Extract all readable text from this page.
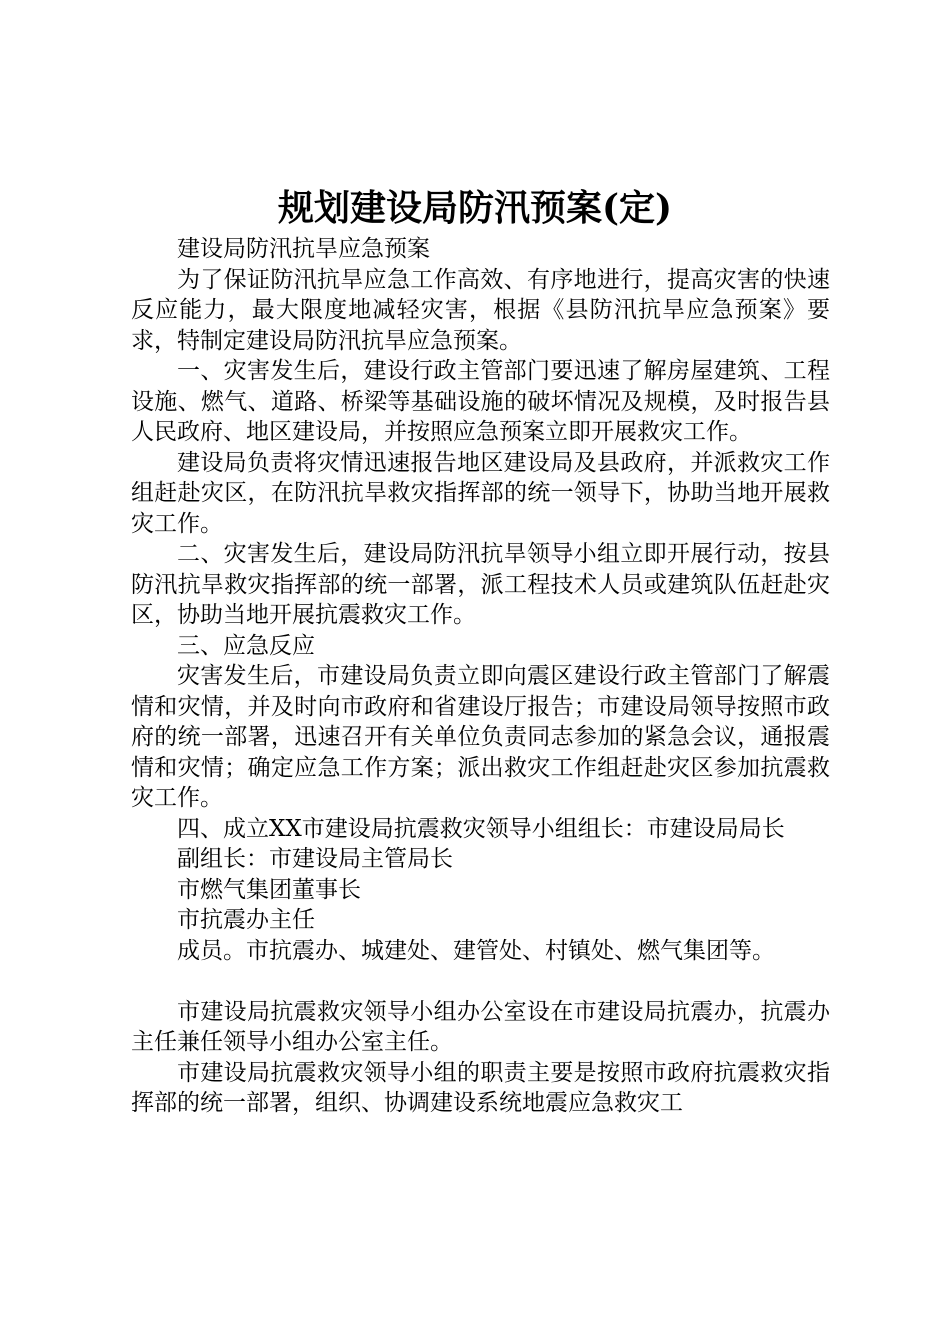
规划建设局防汛预案(定)

建设局防汛抗旱应急预案

为了保证防汛抗旱应急工作高效、有序地进行，提高灾害的快速反应能力，最大限度地减轻灾害，根据《县防汛抗旱应急预案》要求，特制定建设局防汛抗旱应急预案。

一、灾害发生后，建设行政主管部门要迅速了解房屋建筑、工程设施、燃气、道路、桥梁等基础设施的破坏情况及规模，及时报告县人民政府、地区建设局，并按照应急预案立即开展救灾工作。

建设局负责将灾情迅速报告地区建设局及县政府，并派救灾工作组赶赴灾区，在防汛抗旱救灾指挥部的统一领导下，协助当地开展救灾工作。

二、灾害发生后，建设局防汛抗旱领导小组立即开展行动，按县防汛抗旱救灾指挥部的统一部署，派工程技术人员或建筑队伍赶赴灾区，协助当地开展抗震救灾工作。

三、应急反应

灾害发生后，市建设局负责立即向震区建设行政主管部门了解震情和灾情，并及时向市政府和省建设厅报告；市建设局领导按照市政府的统一部署，迅速召开有关单位负责同志参加的紧急会议，通报震情和灾情；确定应急工作方案；派出救灾工作组赶赴灾区参加抗震救灾工作。

四、成立XX市建设局抗震救灾领导小组组长：市建设局局长

副组长：市建设局主管局长

市燃气集团董事长

市抗震办主任

成员。市抗震办、城建处、建管处、村镇处、燃气集团等。

市建设局抗震救灾领导小组办公室设在市建设局抗震办，抗震办主任兼任领导小组办公室主任。

市建设局抗震救灾领导小组的职责主要是按照市政府抗震救灾指挥部的统一部署，组织、协调建设系统地震应急救灾工
